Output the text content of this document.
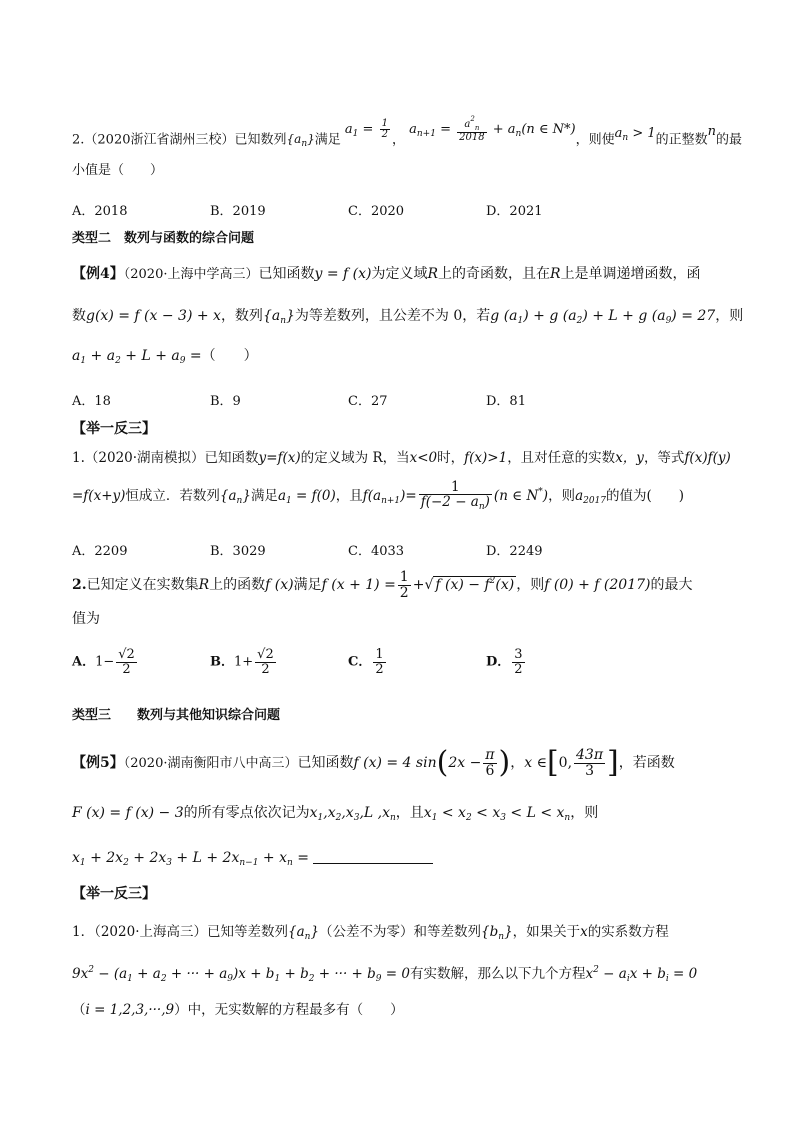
2.（2020浙江省湖州三校）已知数列$\{a_n\}$满足 $a_1 = \frac{1}{2}$ ， $a_{n+1} = \frac{a^2_n}{2018} + a_n(n$ ∈ N*)，则使$a_n > 1$的正整数n的最
小值是（　　）
A．2018	B．2019	C．2020	D．2021
类型二　数列与函数的综合问题
【例4】（2020·上海中学高三）已知函数y = f (x)为定义域R上的奇函数，且在R上是单调递增函数，函
数g(x) = f (x − 3) + x，数列$\{a_n\}$为等差数列，且公差不为 0，若g $(a_1) + g$ $(a_2) + L + g$ $(a_9) = 27$，则
$a_1 + a_2 + L + a_9$ =（　　）
A．18	B．9	C．27	D．81
【举一反三】
1.（2020·湖南模拟）已知函数y=f(x)的定义域为 R，当x<0时，f(x)>1，且对任意的实数x，y，等式f(x)f(y)
=f(x+y)恒成立．若数列$\{a_n\}$满足$a_1 = f(0)$，且$f(a_{n+1})= \frac{1}{f(-2 - a_n)} (n$ ∈ N*)，则$a_{2017}$的值为(　　)
A．2209	B．3029	C．4033	D．2249
2.已知定义在实数集R上的函数f (x)满足f $(x + 1) = \frac{1}{2}$ +√ f $(x) - f^2(x)$ ，则f (0) + f (2017)的最大
值为
A．$1- \frac{√2}{2}$	B．$1+ \frac{√2}{2}$	C． $\frac{1}{2}$	D． $\frac{3}{2}$
类型三　　数列与其他知识综合问题
【例5】（2020·湖南衡阳市八中高三）已知函数f (x) = 4 $\sin(2x - \frac{\pi}{6}$ )，x ∈[0, $\frac{43\pi}{3}$ ]，若函数
F (x) = f (x) − 3的所有零点依次记为$x_1,x_2,x_3,L$ $,x_n$，且$x_1 < x_2 < x_3 < L < x_n$，则
$x_1 + 2x_2 + 2x_3 + L + 2x_{n-1} + x_n$ =
【举一反三】
1．（2020·上海高三）已知等差数列$\{a_n\}$（公差不为零）和等差数列$\{b_n\}$，如果关于x的实系数方程
$9x^2 - (a_1 + a_2$ + ··· + $a_9)x + b_1 + b_2$ + ··· + $b_9 = 0$有实数解，那么以下九个方程$x^2 - a_ix + b_i = 0$
（i = 1,2,3,···,9）中，无实数解的方程最多有（　　）
